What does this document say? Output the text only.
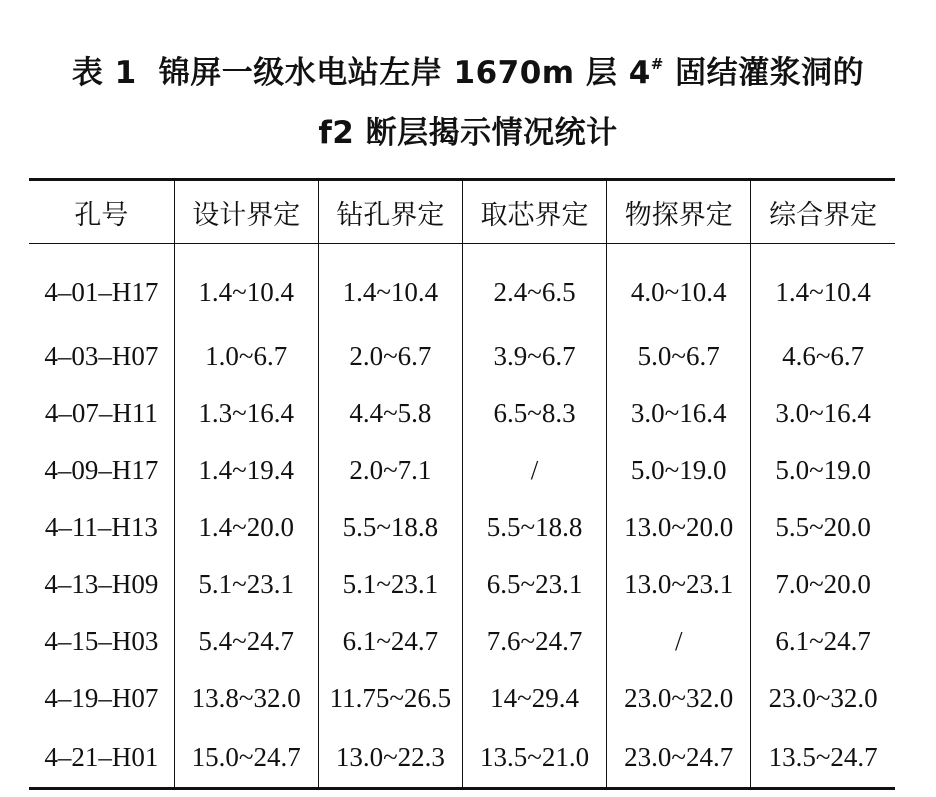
表 1 锦屏一级水电站左岸 1670m 层 4# 固结灌浆洞的
f2 断层揭示情况统计
孔号	设计界定	钻孔界定	取芯界定	物探界定	综合界定
4–01–H17	1.4~10.4	1.4~10.4	2.4~6.5	4.0~10.4	1.4~10.4
4–03–H07	1.0~6.7	2.0~6.7	3.9~6.7	5.0~6.7	4.6~6.7
4–07–H11	1.3~16.4	4.4~5.8	6.5~8.3	3.0~16.4	3.0~16.4
4–09–H17	1.4~19.4	2.0~7.1	/	5.0~19.0	5.0~19.0
4–11–H13	1.4~20.0	5.5~18.8	5.5~18.8	13.0~20.0	5.5~20.0
4–13–H09	5.1~23.1	5.1~23.1	6.5~23.1	13.0~23.1	7.0~20.0
4–15–H03	5.4~24.7	6.1~24.7	7.6~24.7	/	6.1~24.7
4–19–H07	13.8~32.0	11.75~26.5	14~29.4	23.0~32.0	23.0~32.0
4–21–H01	15.0~24.7	13.0~22.3	13.5~21.0	23.0~24.7	13.5~24.7
